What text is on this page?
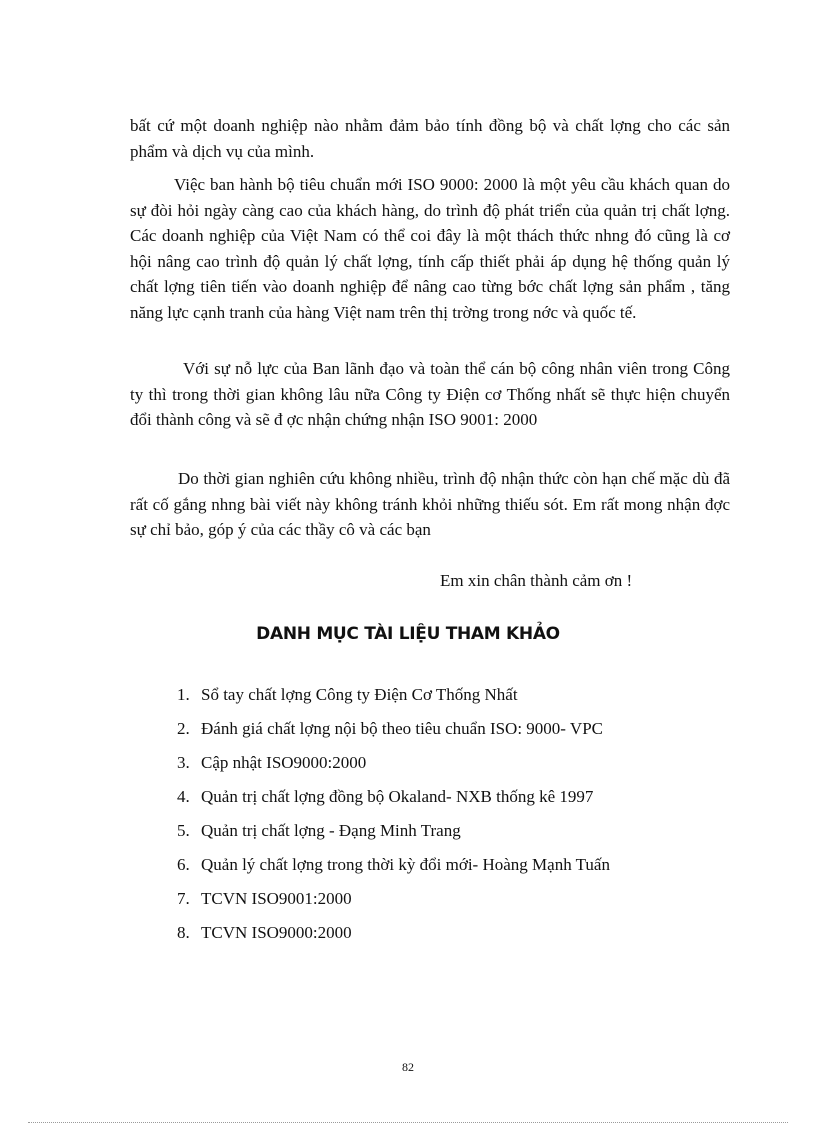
bất cứ một doanh nghiệp nào nhằm đảm bảo tính đồng bộ và chất lợng cho các sản phẩm và dịch vụ của mình.

Việc ban hành bộ tiêu chuẩn mới ISO 9000: 2000 là một yêu cầu khách quan do sự đòi hỏi ngày càng cao của khách hàng, do trình độ phát triển của quản trị chất lợng. Các doanh nghiệp của Việt Nam có thể coi đây là một thách thức nhng đó cũng là cơ hội nâng cao trình độ quản lý chất lợng, tính cấp thiết phải áp dụng hệ thống quản lý chất lợng tiên tiến vào doanh nghiệp để nâng cao từng bớc chất lợng sản phẩm , tăng năng lực cạnh tranh của hàng Việt nam trên thị trờng trong nớc và quốc tế.

Với sự nỗ lực của Ban lãnh đạo và toàn thể cán bộ công nhân viên trong Công ty thì trong thời gian không lâu nữa Công ty Điện cơ Thống nhất sẽ thực hiện chuyển đổi thành công và sẽ đ ợc nhận chứng nhận ISO 9001: 2000

Do thời gian nghiên cứu không nhiều, trình độ nhận thức còn hạn chế mặc dù đã rất cố gắng nhng bài viết này không tránh khỏi những thiếu sót. Em rất mong nhận đợc sự chỉ bảo, góp ý của các thầy cô và các bạn

Em xin chân thành cảm ơn !

DANH MỤC TÀI LIỆU THAM KHẢO
1. Sổ tay chất lợng Công ty Điện Cơ Thống Nhất
2. Đánh giá chất lợng nội bộ theo tiêu chuẩn ISO: 9000- VPC
3. Cập nhật ISO9000:2000
4. Quản trị chất lợng đồng bộ Okaland- NXB thống kê 1997
5. Quản trị chất lợng - Đạng Minh Trang
6. Quản lý chất lợng trong thời kỳ đổi mới- Hoàng Mạnh Tuấn
7. TCVN ISO9001:2000
8. TCVN ISO9000:2000

82
